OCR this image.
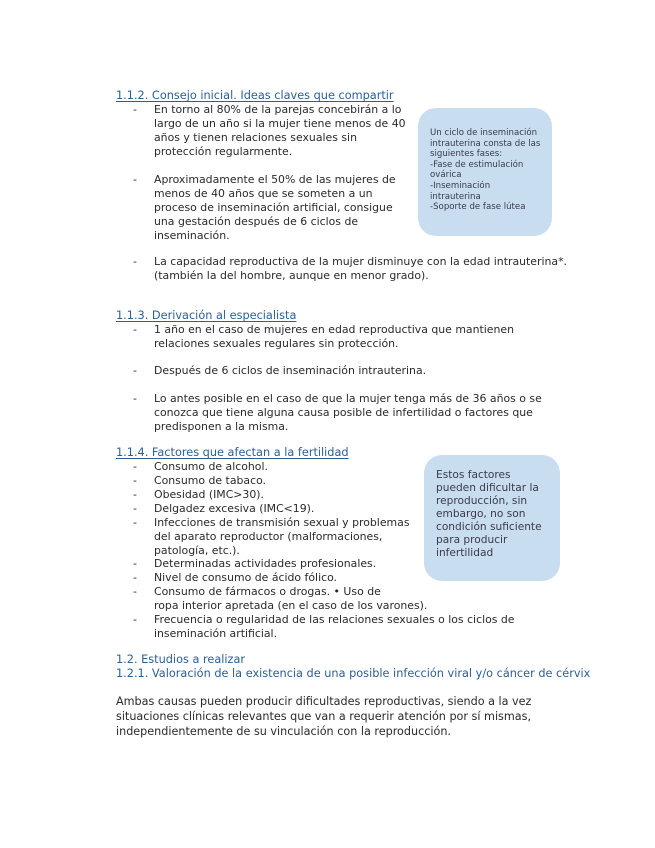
1.1.2. Consejo inicial. Ideas claves que compartir
Un ciclo de inseminación
intrauterina consta de las
siguientes fases:
-Fase de estimulación
ovárica
-Inseminación
intrauterina
-Soporte de fase lútea
1.1.3. Derivación al especialista
1.1.4. Factores que afectan a la fertilidad
Estos factores
pueden dificultar la
reproducción, sin
embargo, no son
condición suficiente
para producir
infertilidad
1.2. Estudios a realizar
1.2.1. Valoración de la existencia de una posible infección viral y/o cáncer de cérvix
Ambas causas pueden producir dificultades reproductivas, siendo a la vez
situaciones clínicas relevantes que van a requerir atención por sí mismas,
independientemente de su vinculación con la reproducción.
- En torno al 80% de la parejas concebirán a lo
largo de un año si la mujer tiene menos de 40
años y tienen relaciones sexuales sin
protección regularmente.
- Aproximadamente el 50% de las mujeres de
menos de 40 años que se someten a un
proceso de inseminación artificial, consigue
una gestación después de 6 ciclos de
inseminación.
- La capacidad reproductiva de la mujer disminuye con la edad intrauterina*.
(también la del hombre, aunque en menor grado).
- 1 año en el caso de mujeres en edad reproductiva que mantienen
relaciones sexuales regulares sin protección.
- Después de 6 ciclos de inseminación intrauterina.
- Lo antes posible en el caso de que la mujer tenga más de 36 años o se
conozca que tiene alguna causa posible de infertilidad o factores que
predisponen a la misma.
- Consumo de alcohol.
- Consumo de tabaco.
- Obesidad (IMC>30).
- Delgadez excesiva (IMC<19).
- Infecciones de transmisión sexual y problemas
del aparato reproductor (malformaciones,
patología, etc.).
- Determinadas actividades profesionales.
- Nivel de consumo de ácido fólico.
- Consumo de fármacos o drogas. • Uso de
ropa interior apretada (en el caso de los varones).
- Frecuencia o regularidad de las relaciones sexuales o los ciclos de
inseminación artificial.
